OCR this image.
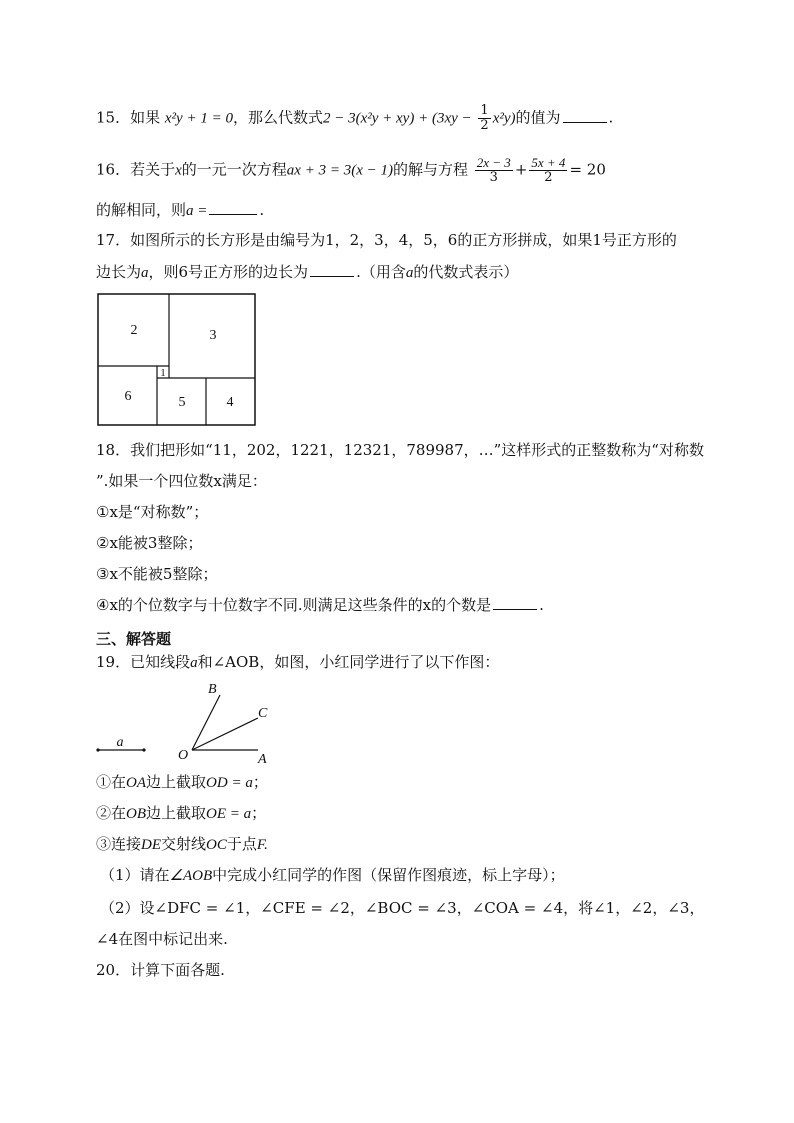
15．如果 x²y + 1 = 0，那么代数式$2 - 3(x^2y + xy) + (3xy - \frac{1}{2} x^2y)$的值为	.
16．若关于x的一元一次方程ax + 3 = 3(x − 1)的解与方程 $\frac{2x - 3}{3} + \frac{5x + 4}{2} = 20$
的解相同，则a =	.
17．如图所示的长方形是由编号为1，2，3，4，5，6的正方形拼成，如果1号正方形的
边长为a，则6号正方形的边长为	.（用含a的代数式表示）
2	3
1
6	5	4
18．我们把形如“11，202，1221，12321，789987，…”这样形式的正整数称为“对称数
”.如果一个四位数x满足：
①x是“对称数”；
②x能被3整除；
③x不能被5整除；
④x的个位数字与十位数字不同.则满足这些条件的x的个数是	.
三、解答题
19．已知线段a和∠AOB，如图，小红同学进行了以下作图：
a
B
C
O	A
①在OA边上截取OD = a；
②在OB边上截取OE = a；
③连接DE交射线OC于点F.
（1）请在∠AOB中完成小红同学的作图（保留作图痕迹，标上字母）；
（2）设∠DFC = ∠1，∠CFE = ∠2，∠BOC = ∠3，∠COA = ∠4，将∠1，∠2，∠3，
∠4在图中标记出来.
20．计算下面各题.
